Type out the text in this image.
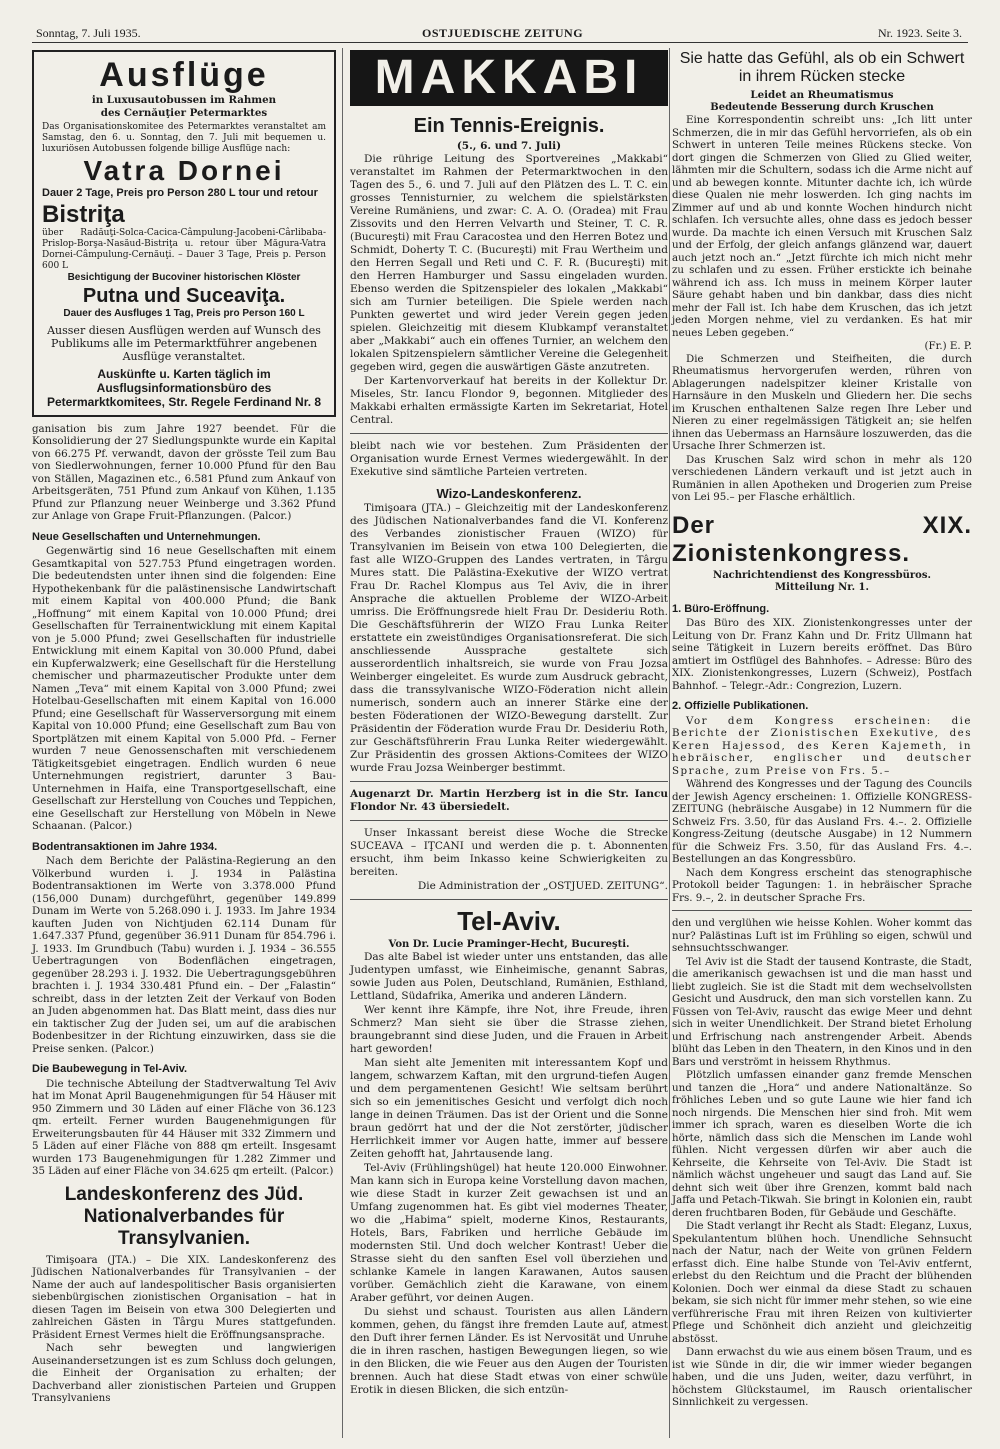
Sonntag, 7. Juli 1935.	OSTJUEDISCHE ZEITUNG	Nr. 1923. Seite 3.
Ausflüge
in Luxusautobussen im Rahmen
des Cernăuţier Petermarktes
Das Organisationskomitee des Petermarktes veranstaltet am Samstag, den 6. u. Sonntag, den 7. Juli mit bequemen u. luxuriösen Autobussen folgende billige Ausflüge nach:
Vatra Dornei
Dauer 2 Tage, Preis pro Person 280 L tour und retour
Bistriţa
über Radăuţi-Solca-Cacica-Câmpulung-Jacobeni-Cârlibaba-Prislop-Borşa-Nasăud-Bistriţa u. retour über Măgura-Vatra Dornei-Câmpulung-Cernăuţi. – Dauer 3 Tage, Preis p. Person 600 L
Besichtigung der Bucoviner historischen Klöster
Putna und Suceaviţa.
Dauer des Ausfluges 1 Tag, Preis pro Person 160 L
Ausser diesen Ausflügen werden auf Wunsch des Publikums alle im Petermarktführer angebenen Ausflüge veranstaltet.
Auskünfte u. Karten täglich im Ausflugsinformationsbüro des Petermarktkomitees, Str. Regele Ferdinand Nr. 8

ganisation bis zum Jahre 1927 beendet. Für die Konsolidierung der 27 Siedlungspunkte wurde ein Kapital von 66.275 Pf. verwandt, davon der grösste Teil zum Bau von Siedlerwohnungen, ferner 10.000 Pfund für den Bau von Ställen, Magazinen etc., 6.581 Pfund zum Ankauf von Arbeitsgeräten, 751 Pfund zum Ankauf von Kühen, 1.135 Pfund zur Pflanzung neuer Weinberge und 3.362 Pfund zur Anlage von Grape Fruit-Pflanzungen. (Palcor.)

Neue Gesellschaften und Unternehmungen.

Gegenwärtig sind 16 neue Gesellschaften mit einem Gesamtkapital von 527.753 Pfund eingetragen worden. Die bedeutendsten unter ihnen sind die folgenden: Eine Hypothekenbank für die palästinensische Landwirtschaft mit einem Kapital von 400.000 Pfund; die Bank „Hoffnung“ mit einem Kapital von 10.000 Pfund; drei Gesellschaften für Terrainentwicklung mit einem Kapital von je 5.000 Pfund; zwei Gesellschaften für industrielle Entwicklung mit einem Kapital von 30.000 Pfund, dabei ein Kupferwalzwerk; eine Gesellschaft für die Herstellung chemischer und pharmazeutischer Produkte unter dem Namen „Teva“ mit einem Kapital von 3.000 Pfund; zwei Hotelbau-Gesellschaften mit einem Kapital von 16.000 Pfund; eine Gesellschaft für Wasserversorgung mit einem Kapital von 10.000 Pfund; eine Gesellschaft zum Bau von Sportplätzen mit einem Kapital von 5.000 Pfd. – Ferner wurden 7 neue Genossenschaften mit verschiedenem Tätigkeitsgebiet eingetragen. Endlich wurden 6 neue Unternehmungen registriert, darunter 3 Bau-Unternehmen in Haifa, eine Transportgesellschaft, eine Gesellschaft zur Herstellung von Couches und Teppichen, eine Gesellschaft zur Herstellung von Möbeln in Newe Schaanan. (Palcor.)

Bodentransaktionen im Jahre 1934.

Nach dem Berichte der Palästina-Regierung an den Völkerbund wurden i. J. 1934 in Palästina Bodentransaktionen im Werte von 3.378.000 Pfund (156,000 Dunam) durchgeführt, gegenüber 149.899 Dunam im Werte von 5.268.090 i. J. 1933. Im Jahre 1934 kauften Juden von Nichtjuden 62.114 Dunam für 1.647.337 Pfund, gegenüber 36.911 Dunam für 854.796 i. J. 1933. Im Grundbuch (Tabu) wurden i. J. 1934 – 36.555 Uebertragungen von Bodenflächen eingetragen, gegenüber 28.293 i. J. 1932. Die Uebertragungsgebühren brachten i. J. 1934 330.481 Pfund ein. – Der „Falastin“ schreibt, dass in der letzten Zeit der Verkauf von Boden an Juden abgenommen hat. Das Blatt meint, dass dies nur ein taktischer Zug der Juden sei, um auf die arabischen Bodenbesitzer in der Richtung einzuwirken, dass sie die Preise senken. (Palcor.)

Die Baubewegung in Tel-Aviv.

Die technische Abteilung der Stadtverwaltung Tel Aviv hat im Monat April Baugenehmigungen für 54 Häuser mit 950 Zimmern und 30 Läden auf einer Fläche von 36.123 qm. erteilt. Ferner wurden Baugenehmigungen für Erweiterungsbauten für 44 Häuser mit 332 Zimmern und 5 Läden auf einer Fläche von 888 qm erteilt. Insgesamt wurden 173 Baugenehmigungen für 1.282 Zimmer und 35 Läden auf einer Fläche von 34.625 qm erteilt. (Palcor.)

Landeskonferenz des Jüd. Nationalverbandes für Transylvanien.

Timişoara (JTA.) – Die XIX. Landeskonferenz des Jüdischen Nationalverbandes für Transylvanien – der Name der auch auf landespolitischer Basis organisierten siebenbürgischen zionistischen Organisation – hat in diesen Tagen im Beisein von etwa 300 Delegierten und zahlreichen Gästen in Târgu Mures stattgefunden. Präsident Ernest Vermes hielt die Eröffnungsansprache.

Nach sehr bewegten und langwierigen Auseinandersetzungen ist es zum Schluss doch gelungen, die Einheit der Organisation zu erhalten; der Dachverband aller zionistischen Parteien und Gruppen Transylvaniens

MAKKABI
Ein Tennis-Ereignis.
(5., 6. und 7. Juli)

Die rührige Leitung des Sportvereines „Makkabi“ veranstaltet im Rahmen der Petermarktwochen in den Tagen des 5., 6. und 7. Juli auf den Plätzen des L. T. C. ein grosses Tennisturnier, zu welchem die spielstärksten Vereine Rumäniens, und zwar: C. A. O. (Oradea) mit Frau Zissovits und den Herren Velvarth und Steiner, T. C. R. (Bucureşti) mit Frau Caracostea und den Herren Botez und Schmidt, Doherty T. C. (Bucureşti) mit Frau Wertheim und den Herren Segall und Reti und C. F. R. (Bucureşti) mit den Herren Hamburger und Sassu eingeladen wurden. Ebenso werden die Spitzenspieler des lokalen „Makkabi“ sich am Turnier beteiligen. Die Spiele werden nach Punkten gewertet und wird jeder Verein gegen jeden spielen. Gleichzeitig mit diesem Klubkampf veranstaltet aber „Makkabi“ auch ein offenes Turnier, an welchem den lokalen Spitzenspielern sämtlicher Vereine die Gelegenheit gegeben wird, gegen die auswärtigen Gäste anzutreten.

Der Kartenvorverkauf hat bereits in der Kollektur Dr. Miseles, Str. Iancu Flondor 9, begonnen. Mitglieder des Makkabi erhalten ermässigte Karten im Sekretariat, Hotel Central.

bleibt nach wie vor bestehen. Zum Präsidenten der Organisation wurde Ernest Vermes wiedergewählt. In der Exekutive sind sämtliche Parteien vertreten.

Wizo-Landeskonferenz.

Timişoara (JTA.) – Gleichzeitig mit der Landeskonferenz des Jüdischen Nationalverbandes fand die VI. Konferenz des Verbandes zionistischer Frauen (WIZO) für Transylvanien im Beisein von etwa 100 Delegierten, die fast alle WIZO-Gruppen des Landes vertraten, in Târgu Mures statt. Die Palästina-Exekutive der WIZO vertrat Frau Dr. Rachel Klompus aus Tel Aviv, die in ihrer Ansprache die aktuellen Probleme der WIZO-Arbeit umriss. Die Eröffnungsrede hielt Frau Dr. Desideriu Roth. Die Geschäftsführerin der WIZO Frau Lunka Reiter erstattete ein zweistündiges Organisationsreferat. Die sich anschliessende Aussprache gestaltete sich ausserordentlich inhaltsreich, sie wurde von Frau Jozsa Weinberger eingeleitet. Es wurde zum Ausdruck gebracht, dass die transsylvanische WIZO-Föderation nicht allein numerisch, sondern auch an innerer Stärke eine der besten Föderationen der WIZO-Bewegung darstellt. Zur Präsidentin der Föderation wurde Frau Dr. Desideriu Roth, zur Geschäftsführerin Frau Lunka Reiter wiedergewählt. Zur Präsidentin des grossen Aktions-Comitees der WIZO wurde Frau Jozsa Weinberger bestimmt.

Augenarzt Dr. Martin Herzberg ist in die Str. Iancu Flondor Nr. 43 übersiedelt.

Unser Inkassant bereist diese Woche die Strecke SUCEAVA – IŢCANI und werden die p. t. Abonnenten ersucht, ihm beim Inkasso keine Schwierigkeiten zu bereiten.

Die Administration der „OSTJUED. ZEITUNG“.
Tel-Aviv.
Von Dr. Lucie Praminger-Hecht, Bucureşti.

Das alte Babel ist wieder unter uns entstanden, das alle Judentypen umfasst, wie Einheimische, genannt Sabras, sowie Juden aus Polen, Deutschland, Rumänien, Esthland, Lettland, Südafrika, Amerika und anderen Ländern.

Wer kennt ihre Kämpfe, ihre Not, ihre Freude, ihren Schmerz? Man sieht sie über die Strasse ziehen, braungebrannt sind diese Juden, und die Frauen in Arbeit hart geworden!

Man sieht alte Jemeniten mit interessantem Kopf und langem, schwarzem Kaftan, mit den urgrund-tiefen Augen und dem pergamentenen Gesicht! Wie seltsam berührt sich so ein jemenitisches Gesicht und verfolgt dich noch lange in deinen Träumen. Das ist der Orient und die Sonne braun gedörrt hat und der die Not zerstörter, jüdischer Herrlichkeit immer vor Augen hatte, immer auf bessere Zeiten gehofft hat, Jahrtausende lang.

Tel-Aviv (Frühlingshügel) hat heute 120.000 Einwohner. Man kann sich in Europa keine Vorstellung davon machen, wie diese Stadt in kurzer Zeit gewachsen ist und an Umfang zugenommen hat. Es gibt viel modernes Theater, wo die „Habima“ spielt, moderne Kinos, Restaurants, Hotels, Bars, Fabriken und herrliche Gebäude im modernsten Stil. Und doch welcher Kontrast! Ueber die Strasse sieht du den sanften Esel voll überziehen und schlanke Kamele in langen Karawanen, Autos sausen vorüber. Gemächlich zieht die Karawane, von einem Araber geführt, vor deinen Augen.

Du siehst und schaust. Touristen aus allen Ländern kommen, gehen, du fängst ihre fremden Laute auf, atmest den Duft ihrer fernen Länder. Es ist Nervosität und Unruhe die in ihren raschen, hastigen Bewegungen liegen, so wie in den Blicken, die wie Feuer aus den Augen der Touristen brennen. Auch hat diese Stadt etwas von einer schwüle Erotik in diesen Blicken, die sich entzün-

Sie hatte das Gefühl, als ob ein Schwert in ihrem Rücken stecke
Leidet an Rheumatismus
Bedeutende Besserung durch Kruschen

Eine Korrespondentin schreibt uns: „Ich litt unter Schmerzen, die in mir das Gefühl hervorriefen, als ob ein Schwert in unteren Teile meines Rückens stecke. Von dort gingen die Schmerzen von Glied zu Glied weiter, lähmten mir die Schultern, sodass ich die Arme nicht auf und ab bewegen konnte. Mitunter dachte ich, ich würde diese Qualen nie mehr loswerden. Ich ging nachts im Zimmer auf und ab und konnte Wochen hindurch nicht schlafen. Ich versuchte alles, ohne dass es jedoch besser wurde. Da machte ich einen Versuch mit Kruschen Salz und der Erfolg, der gleich anfangs glänzend war, dauert auch jetzt noch an.“ „Jetzt fürchte ich mich nicht mehr zu schlafen und zu essen. Früher erstickte ich beinahe während ich ass. Ich muss in meinem Körper lauter Säure gehabt haben und bin dankbar, dass dies nicht mehr der Fall ist. Ich habe dem Kruschen, das ich jetzt jeden Morgen nehme, viel zu verdanken. Es hat mir neues Leben gegeben.“

(Fr.) E. P.

Die Schmerzen und Steifheiten, die durch Rheumatismus hervorgerufen werden, rühren von Ablagerungen nadelspitzer kleiner Kristalle von Harnsäure in den Muskeln und Gliedern her. Die sechs im Kruschen enthaltenen Salze regen Ihre Leber und Nieren zu einer regelmässigen Tätigkeit an; sie helfen ihnen das Uebermass an Harnsäure loszuwerden, das die Ursache Ihrer Schmerzen ist.

Das Kruschen Salz wird schon in mehr als 120 verschiedenen Ländern verkauft und ist jetzt auch in Rumänien in allen Apotheken und Drogerien zum Preise von Lei 95.– per Flasche erhältlich.

Der XIX. Zionistenkongress.
Nachrichtendienst des Kongressbüros.
Mitteilung Nr. 1.
1. Büro-Eröffnung.

Das Büro des XIX. Zionistenkongresses unter der Leitung von Dr. Franz Kahn und Dr. Fritz Ullmann hat seine Tätigkeit in Luzern bereits eröffnet. Das Büro amtiert im Ostflügel des Bahnhofes. – Adresse: Büro des XIX. Zionistenkongresses, Luzern (Schweiz), Postfach Bahnhof. – Telegr.-Adr.: Congrezion, Luzern.

2. Offizielle Publikationen.

Vor dem Kongress erscheinen: die Berichte der Zionistischen Exekutive, des Keren Hajessod, des Keren Kajemeth, in hebräischer, englischer und deutscher Sprache, zum Preise von Frs. 5.–

Während des Kongresses und der Tagung des Councils der Jewish Agency erscheinen: 1. Offizielle KONGRESS-ZEITUNG (hebräische Ausgabe) in 12 Nummern für die Schweiz Frs. 3.50, für das Ausland Frs. 4.–. 2. Offizielle Kongress-Zeitung (deutsche Ausgabe) in 12 Nummern für die Schweiz Frs. 3.50, für das Ausland Frs. 4.–. Bestellungen an das Kongressbüro.

Nach dem Kongress erscheint das stenographische Protokoll beider Tagungen: 1. in hebräischer Sprache Frs. 9.–, 2. in deutscher Sprache Frs.

den und verglühen wie heisse Kohlen. Woher kommt das nur? Palästinas Luft ist im Frühling so eigen, schwül und sehnsuchtsschwanger.

Tel Aviv ist die Stadt der tausend Kontraste, die Stadt, die amerikanisch gewachsen ist und die man hasst und liebt zugleich. Sie ist die Stadt mit dem wechselvollsten Gesicht und Ausdruck, den man sich vorstellen kann. Zu Füssen von Tel-Aviv, rauscht das ewige Meer und dehnt sich in weiter Unendlichkeit. Der Strand bietet Erholung und Erfrischung nach anstrengender Arbeit. Abends blüht das Leben in den Theatern, in den Kinos und in den Bars und verströmt in heissem Rhythmus.

Plötzlich umfassen einander ganz fremde Menschen und tanzen die „Hora“ und andere Nationaltänze. So fröhliches Leben und so gute Laune wie hier fand ich noch nirgends. Die Menschen hier sind froh. Mit wem immer ich sprach, waren es dieselben Worte die ich hörte, nämlich dass sich die Menschen im Lande wohl fühlen. Nicht vergessen dürfen wir aber auch die Kehrseite, die Kehrseite von Tel-Aviv. Die Stadt ist nämlich wächst ungeheuer und saugt das Land auf. Sie dehnt sich weit über ihre Grenzen, kommt bald nach Jaffa und Petach-Tikwah. Sie bringt in Kolonien ein, raubt deren fruchtbaren Boden, für Gebäude und Geschäfte.

Die Stadt verlangt ihr Recht als Stadt: Eleganz, Luxus, Spekulantentum blühen hoch. Unendliche Sehnsucht nach der Natur, nach der Weite von grünen Feldern erfasst dich. Eine halbe Stunde von Tel-Aviv entfernt, erlebst du den Reichtum und die Pracht der blühenden Kolonien. Doch wer einmal da diese Stadt zu schauen bekam, sie sich nicht für immer mehr stehen, so wie eine verführerische Frau mit ihren Reizen von kultivierter Pflege und Schönheit dich anzieht und gleichzeitig abstösst.

Dann erwachst du wie aus einem bösen Traum, und es ist wie Sünde in dir, die wir immer wieder begangen haben, und die uns Juden, weiter, dazu verführt, in höchstem Glückstaumel, im Rausch orientalischer Sinnlichkeit zu vergessen.
